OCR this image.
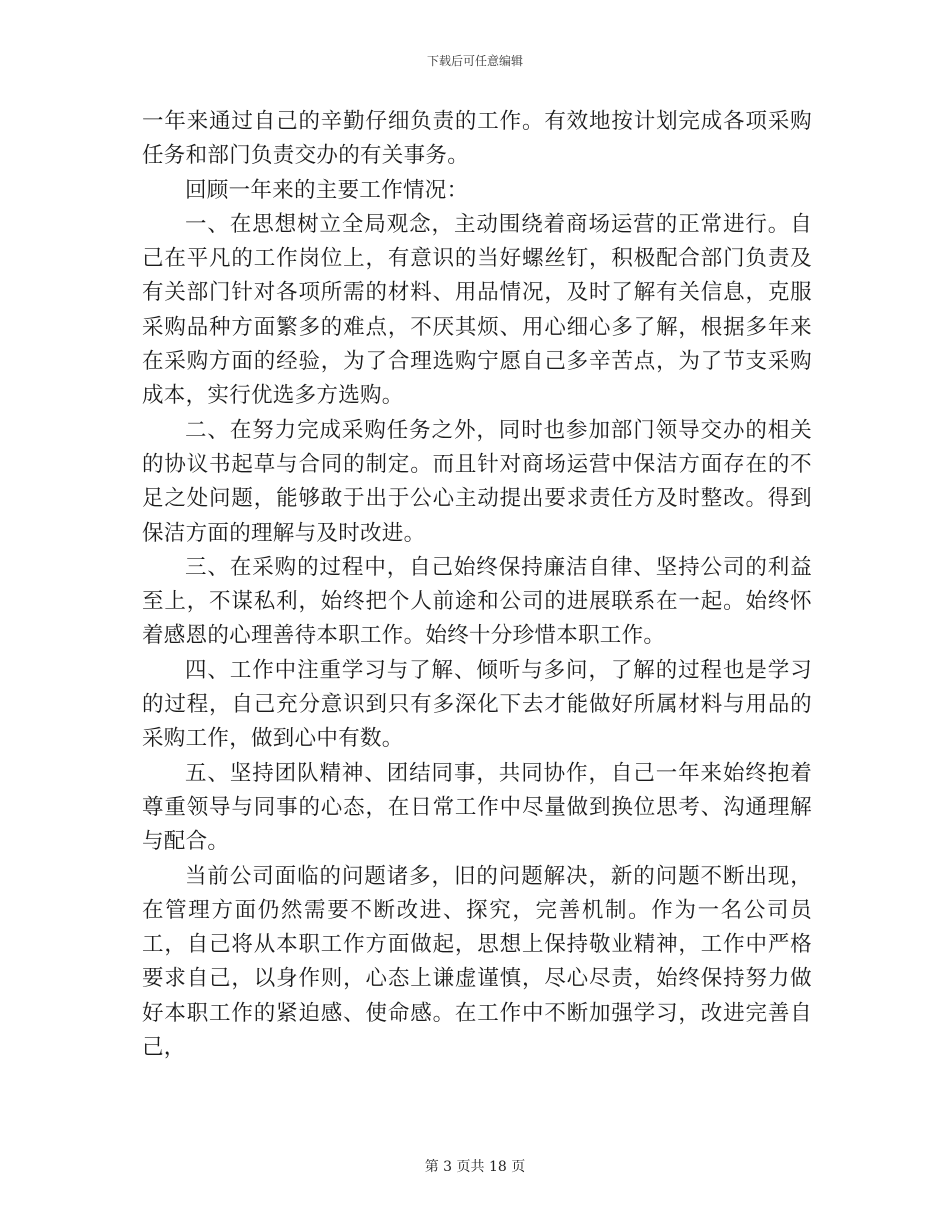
下载后可任意编辑

一年来通过自己的辛勤仔细负责的工作。有效地按计划完成各项采购任务和部门负责交办的有关事务。

回顾一年来的主要工作情况：

一、在思想树立全局观念，主动围绕着商场运营的正常进行。自己在平凡的工作岗位上，有意识的当好螺丝钉，积极配合部门负责及有关部门针对各项所需的材料、用品情况，及时了解有关信息，克服采购品种方面繁多的难点，不厌其烦、用心细心多了解，根据多年来在采购方面的经验，为了合理选购宁愿自己多辛苦点，为了节支采购成本，实行优选多方选购。

二、在努力完成采购任务之外，同时也参加部门领导交办的相关的协议书起草与合同的制定。而且针对商场运营中保洁方面存在的不足之处问题，能够敢于出于公心主动提出要求责任方及时整改。得到保洁方面的理解与及时改进。

三、在采购的过程中，自己始终保持廉洁自律、坚持公司的利益至上，不谋私利，始终把个人前途和公司的进展联系在一起。始终怀着感恩的心理善待本职工作。始终十分珍惜本职工作。

四、工作中注重学习与了解、倾听与多问，了解的过程也是学习的过程，自己充分意识到只有多深化下去才能做好所属材料与用品的采购工作，做到心中有数。

五、坚持团队精神、团结同事，共同协作，自己一年来始终抱着尊重领导与同事的心态，在日常工作中尽量做到换位思考、沟通理解与配合。

当前公司面临的问题诸多，旧的问题解决，新的问题不断出现，在管理方面仍然需要不断改进、探究，完善机制。作为一名公司员工，自己将从本职工作方面做起，思想上保持敬业精神，工作中严格要求自己，以身作则，心态上谦虚谨慎，尽心尽责，始终保持努力做好本职工作的紧迫感、使命感。在工作中不断加强学习，改进完善自己，

第 3 页共 18 页
